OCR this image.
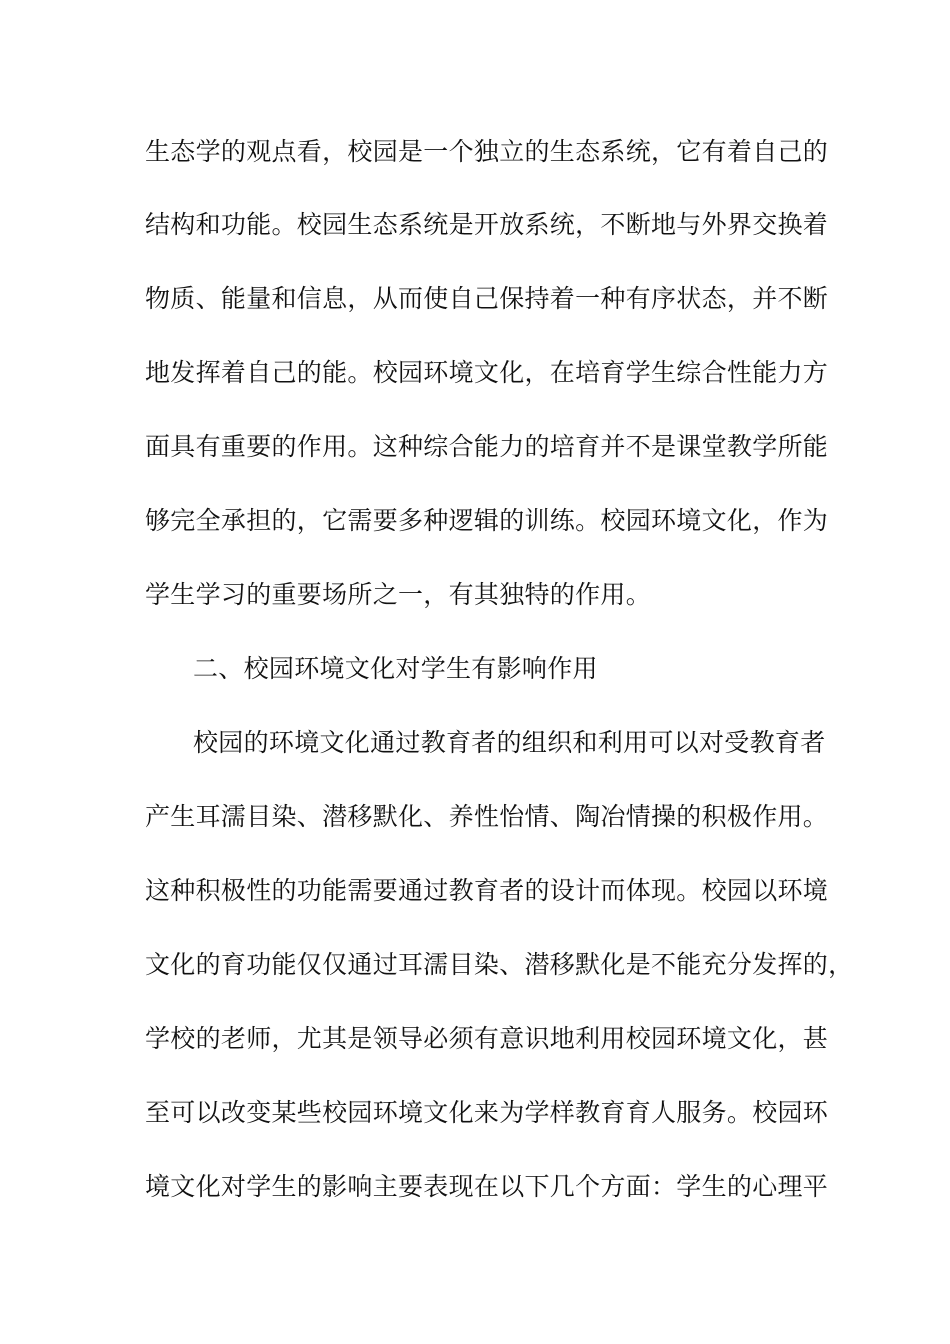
生态学的观点看，校园是一个独立的生态系统，它有着自己的
结构和功能。校园生态系统是开放系统，不断地与外界交换着
物质、能量和信息，从而使自己保持着一种有序状态，并不断
地发挥着自己的能。校园环境文化，在培育学生综合性能力方
面具有重要的作用。这种综合能力的培育并不是课堂教学所能
够完全承担的，它需要多种逻辑的训练。校园环境文化，作为
学生学习的重要场所之一，有其独特的作用。
二、校园环境文化对学生有影响作用
校园的环境文化通过教育者的组织和利用可以对受教育者
产生耳濡目染、潜移默化、养性怡情、陶冶情操的积极作用。
这种积极性的功能需要通过教育者的设计而体现。校园以环境
文化的育功能仅仅通过耳濡目染、潜移默化是不能充分发挥的，
学校的老师，尤其是领导必须有意识地利用校园环境文化，甚
至可以改变某些校园环境文化来为学样教育育人服务。校园环
境文化对学生的影响主要表现在以下几个方面：学生的心理平
